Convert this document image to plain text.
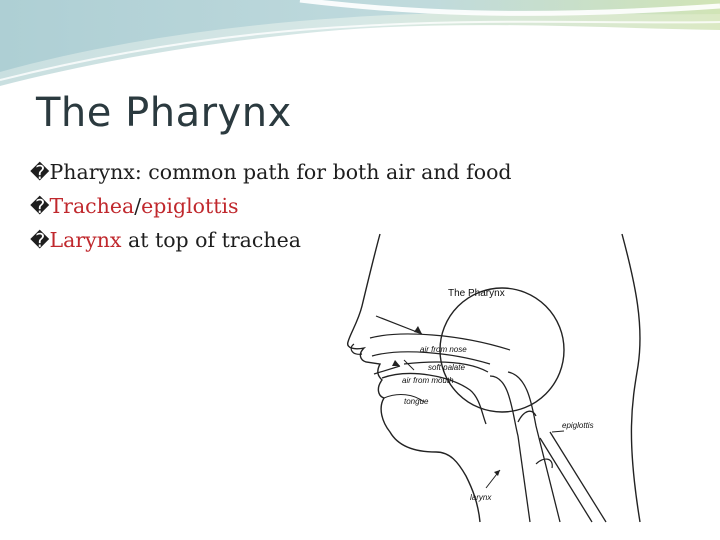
The Pharynx
�Pharynx: common path for both air and food
�Trachea/epiglottis
�Larynx at top of trachea
The Pharynx
air from nose
soft palate
air from mouth
tongue
epiglottis
larynx
